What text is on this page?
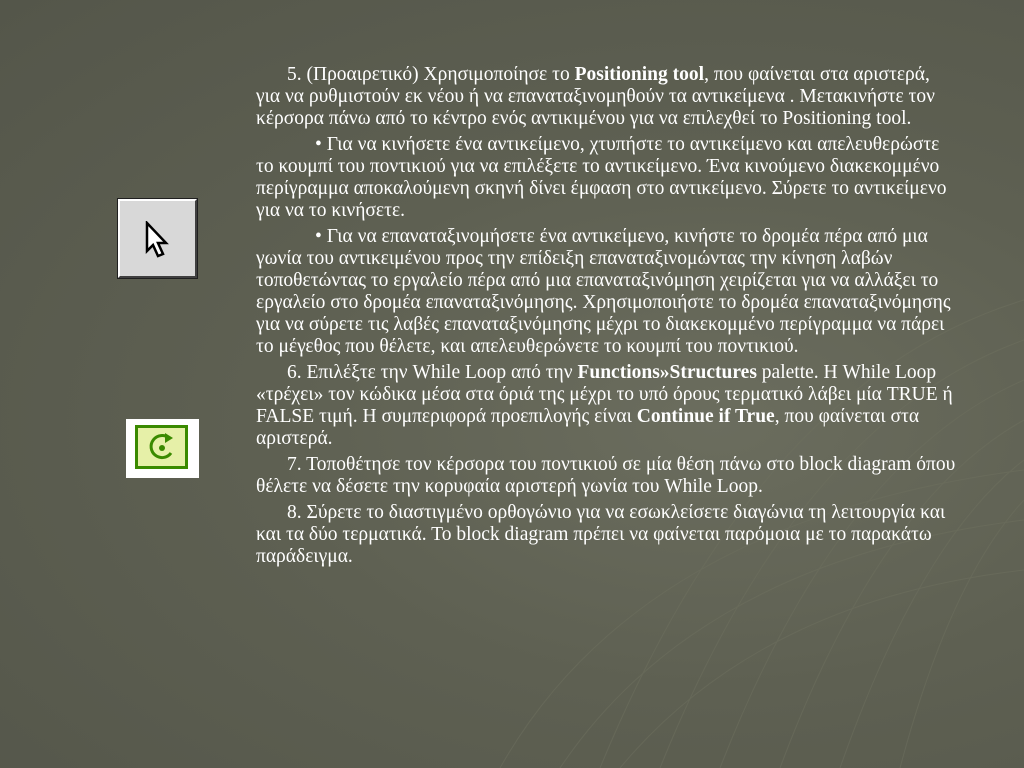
5. (Προαιρετικό) Χρησιμοποίησε το Positioning tool, που φαίνεται στα αριστερά, για να ρυθμιστούν εκ νέου ή να επαναταξινομηθούν τα αντικείμενα . Μετακινήστε τον κέρσορα πάνω από το κέντρο ενός αντικιμένου για να επιλεχθεί το Positioning tool.

• Για να κινήσετε ένα αντικείμενο, χτυπήστε το αντικείμενο και απελευθερώστε το κουμπί του ποντικιού για να επιλέξετε το αντικείμενο. Ένα κινούμενο διακεκομμένο περίγραμμα αποκαλούμενη σκηνή δίνει έμφαση στο αντικείμενο. Σύρετε το αντικείμενο για να το κινήσετε.

• Για να επαναταξινομήσετε ένα αντικείμενο, κινήστε το δρομέα πέρα από μια γωνία του αντικειμένου προς την επίδειξη επαναταξινομώντας την κίνηση λαβών τοποθετώντας το εργαλείο πέρα από μια επαναταξινόμηση χειρίζεται για να αλλάξει το εργαλείο στο δρομέα επαναταξινόμησης. Χρησιμοποιήστε το δρομέα επαναταξινόμησης για να σύρετε τις λαβές επαναταξινόμησης μέχρι το διακεκομμένο περίγραμμα να πάρει το μέγεθος που θέλετε, και απελευθερώνετε το κουμπί του ποντικιού.

6. Επιλέξτε την While Loop από την Functions»Structures palette. Η While Loop «τρέχει» τον κώδικα μέσα στα όριά της μέχρι το υπό όρους τερματικό λάβει μία TRUE ή FALSE τιμή. Η συμπεριφορά προεπιλογής είναι Continue if True, που φαίνεται στα αριστερά.

7. Τοποθέτησε τον κέρσορα του ποντικιού σε μία θέση πάνω στο block diagram όπου θέλετε να δέσετε την κορυφαία αριστερή γωνία του While Loop.

8. Σύρετε το διαστιγμένο ορθογώνιο για να εσωκλείσετε διαγώνια τη λειτουργία και και τα δύο τερματικά. Το block diagram πρέπει να φαίνεται παρόμοια με το παρακάτω παράδειγμα.
